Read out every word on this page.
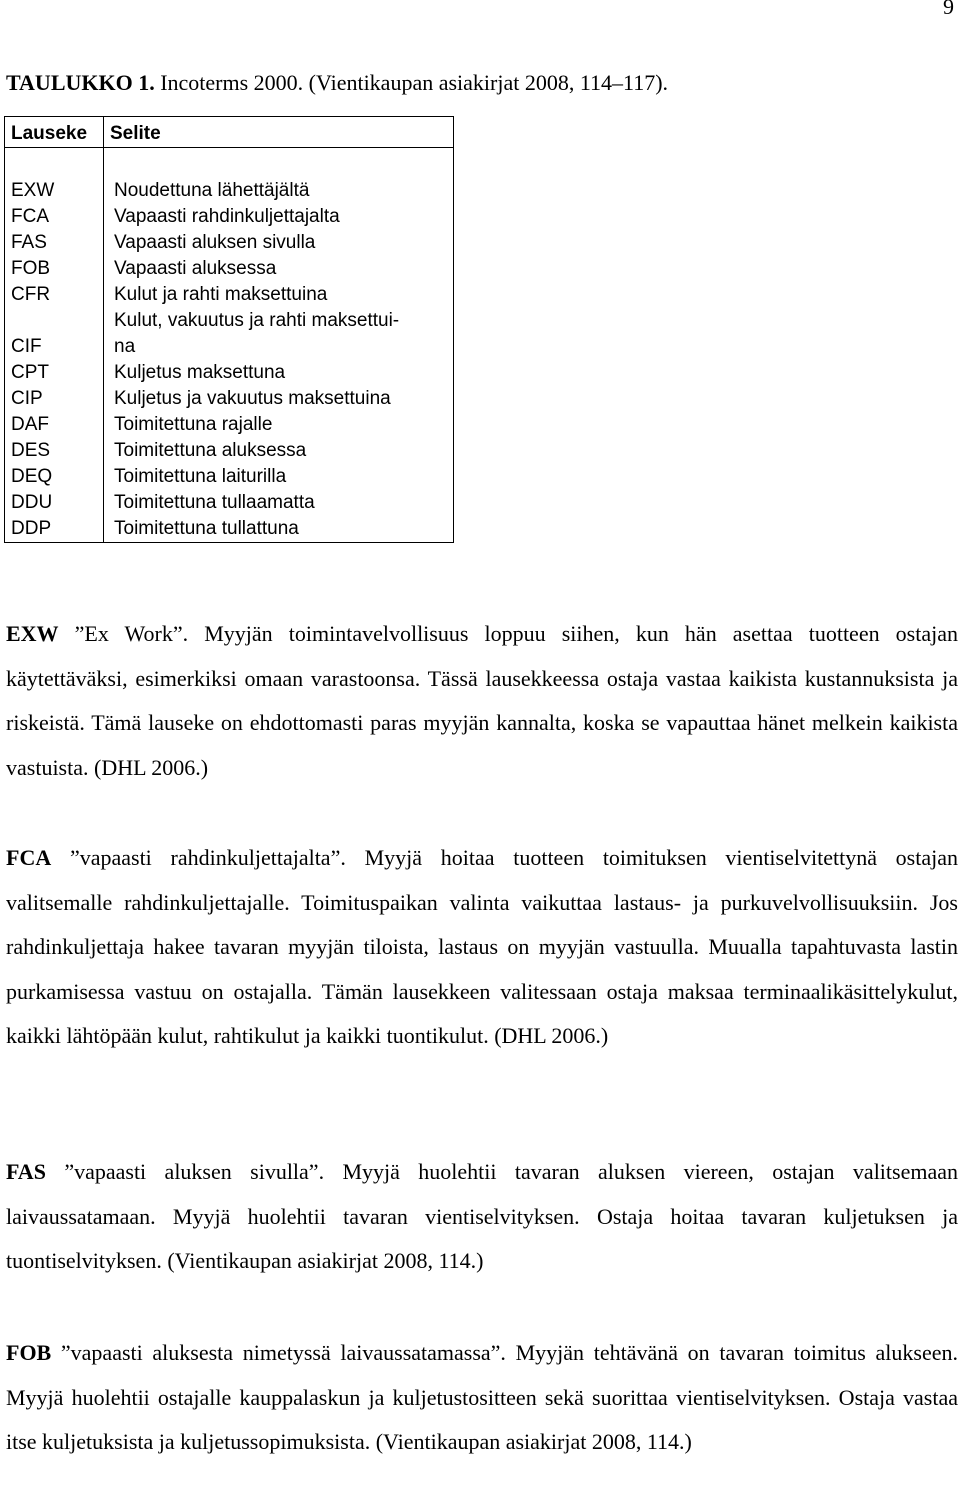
9
TAULUKKO 1. Incoterms 2000. (Vientikaupan asiakirjat 2008, 114–117).
Lauseke	Selite

EXW	Noudettuna lähettäjältä
FCA	Vapaasti rahdinkuljettajalta
FAS	Vapaasti aluksen sivulla
FOB	Vapaasti aluksessa
CFR	Kulut ja rahti maksettuina
CIF	Kulut, vakuutus ja rahti maksettui-
na
CPT	Kuljetus maksettuna
CIP	Kuljetus ja vakuutus maksettuina
DAF	Toimitettuna rajalle
DES	Toimitettuna aluksessa
DEQ	Toimitettuna laiturilla
DDU	Toimitettuna tullaamatta
DDP	Toimitettuna tullattuna
EXW ”Ex Work”. Myyjän toimintavelvollisuus loppuu siihen, kun hän asettaa tuotteen ostajan käytettäväksi, esimerkiksi omaan varastoonsa. Tässä lausekkeessa ostaja vastaa kaikista kustannuksista ja riskeistä. Tämä lauseke on ehdottomasti paras myyjän kannalta, koska se vapauttaa hänet melkein kaikista vastuista. (DHL 2006.)
FCA ”vapaasti rahdinkuljettajalta”. Myyjä hoitaa tuotteen toimituksen vientiselvitettynä ostajan valitsemalle rahdinkuljettajalle. Toimituspaikan valinta vaikuttaa lastaus- ja purkuvelvollisuuksiin. Jos rahdinkuljettaja hakee tavaran myyjän tiloista, lastaus on myyjän vastuulla. Muualla tapahtuvasta lastin purkamisessa vastuu on ostajalla. Tämän lausekkeen valitessaan ostaja maksaa terminaalikäsittelykulut, kaikki lähtöpään kulut, rahtikulut ja kaikki tuontikulut. (DHL 2006.)
FAS ”vapaasti aluksen sivulla”. Myyjä huolehtii tavaran aluksen viereen, ostajan valitsemaan laivaussatamaan. Myyjä huolehtii tavaran vientiselvityksen. Ostaja hoitaa tavaran kuljetuksen ja tuontiselvityksen. (Vientikaupan asiakirjat 2008, 114.)
FOB ”vapaasti aluksesta nimetyssä laivaussatamassa”. Myyjän tehtävänä on tavaran toimitus alukseen. Myyjä huolehtii ostajalle kauppalaskun ja kuljetustositteen sekä suorittaa vientiselvityksen. Ostaja vastaa itse kuljetuksista ja kuljetussopimuksista. (Vientikaupan asiakirjat 2008, 114.)
